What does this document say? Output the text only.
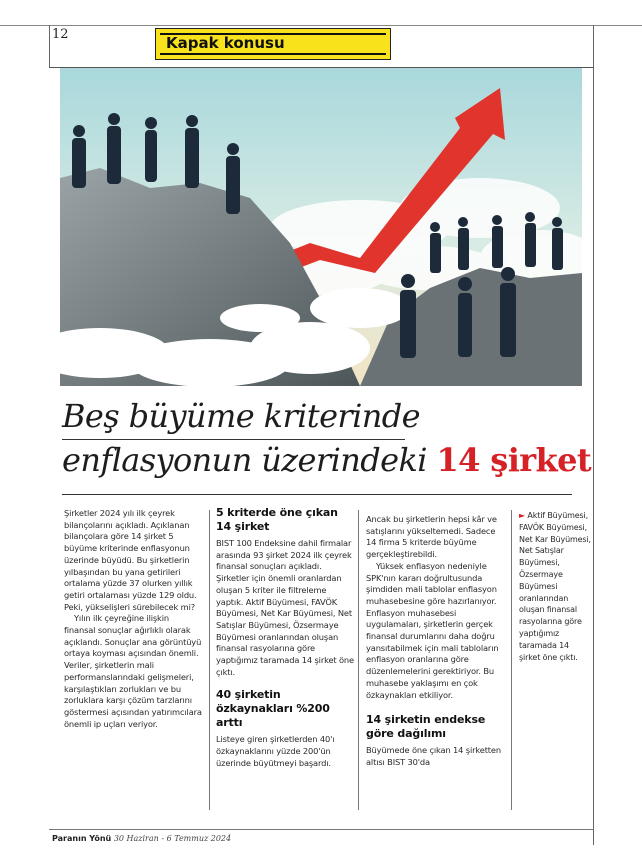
12	Kapak konusu
Beş büyüme kriterinde
enflasyonun üzerindeki 14 şirket

Şirketler 2024 yılı ilk çeyrek bilançolarını açıkladı. Açıklanan bilançolara göre 14 şirket 5 büyüme kriterinde enflasyonun üzerinde büyüdü. Bu şirketlerin yılbaşından bu yana getirileri ortalama yüzde 37 olurken yıllık getiri ortalaması yüzde 129 oldu. Peki, yükselişleri sürebilecek mi?

Yılın ilk çeyreğine ilişkin finansal sonuçlar ağırlıklı olarak açıklandı. Sonuçlar ana görüntüyü ortaya koyması açısından önemli. Veriler, şirketlerin mali performanslarındaki gelişmeleri, karşılaştıkları zorlukları ve bu zorluklara karşı çözüm tarzlarını göstermesi açısından yatırımcılara önemli ip uçları veriyor.

5 kriterde öne çıkan 14 şirket

BIST 100 Endeksine dahil firmalar arasında 93 şirket 2024 ilk çeyrek finansal sonuçları açıkladı. Şirketler için önemli oranlardan oluşan 5 kriter ile filtreleme yaptık. Aktif Büyümesi, FAVÖK Büyümesi, Net Kar Büyümesi, Net Satışlar Büyümesi, Özsermaye Büyümesi oranlarından oluşan finansal rasyolarına göre yaptığımız taramada 14 şirket öne çıktı.

40 şirketin özkaynakları %200 arttı

Listeye giren şirketlerden 40'ı özkaynaklarını yüzde 200'ün üzerinde büyütmeyi başardı.

Ancak bu şirketlerin hepsi kâr ve satışlarını yükseltemedi. Sadece 14 firma 5 kriterde büyüme gerçekleştirebildi.

Yüksek enflasyon nedeniyle SPK'nın kararı doğrultusunda şimdiden mali tablolar enflasyon muhasebesine göre hazırlanıyor. Enflasyon muhasebesi uygulamaları, şirketlerin gerçek finansal durumlarını daha doğru yansıtabilmek için mali tabloların enflasyon oranlarına göre düzenlemelerini gerektiriyor. Bu muhasebe yaklaşımı en çok özkaynakları etkiliyor.

14 şirketin endekse göre dağılımı

Büyümede öne çıkan 14 şirketten altısı BIST 30'da

► Aktif Büyümesi, FAVÖK Büyümesi, Net Kar Büyümesi, Net Satışlar Büyümesi, Özsermaye Büyümesi oranlarından oluşan finansal rasyolarına göre yaptığımız taramada 14 şirket öne çıktı.
Paranın Yönü 30 Haziran - 6 Temmuz 2024
